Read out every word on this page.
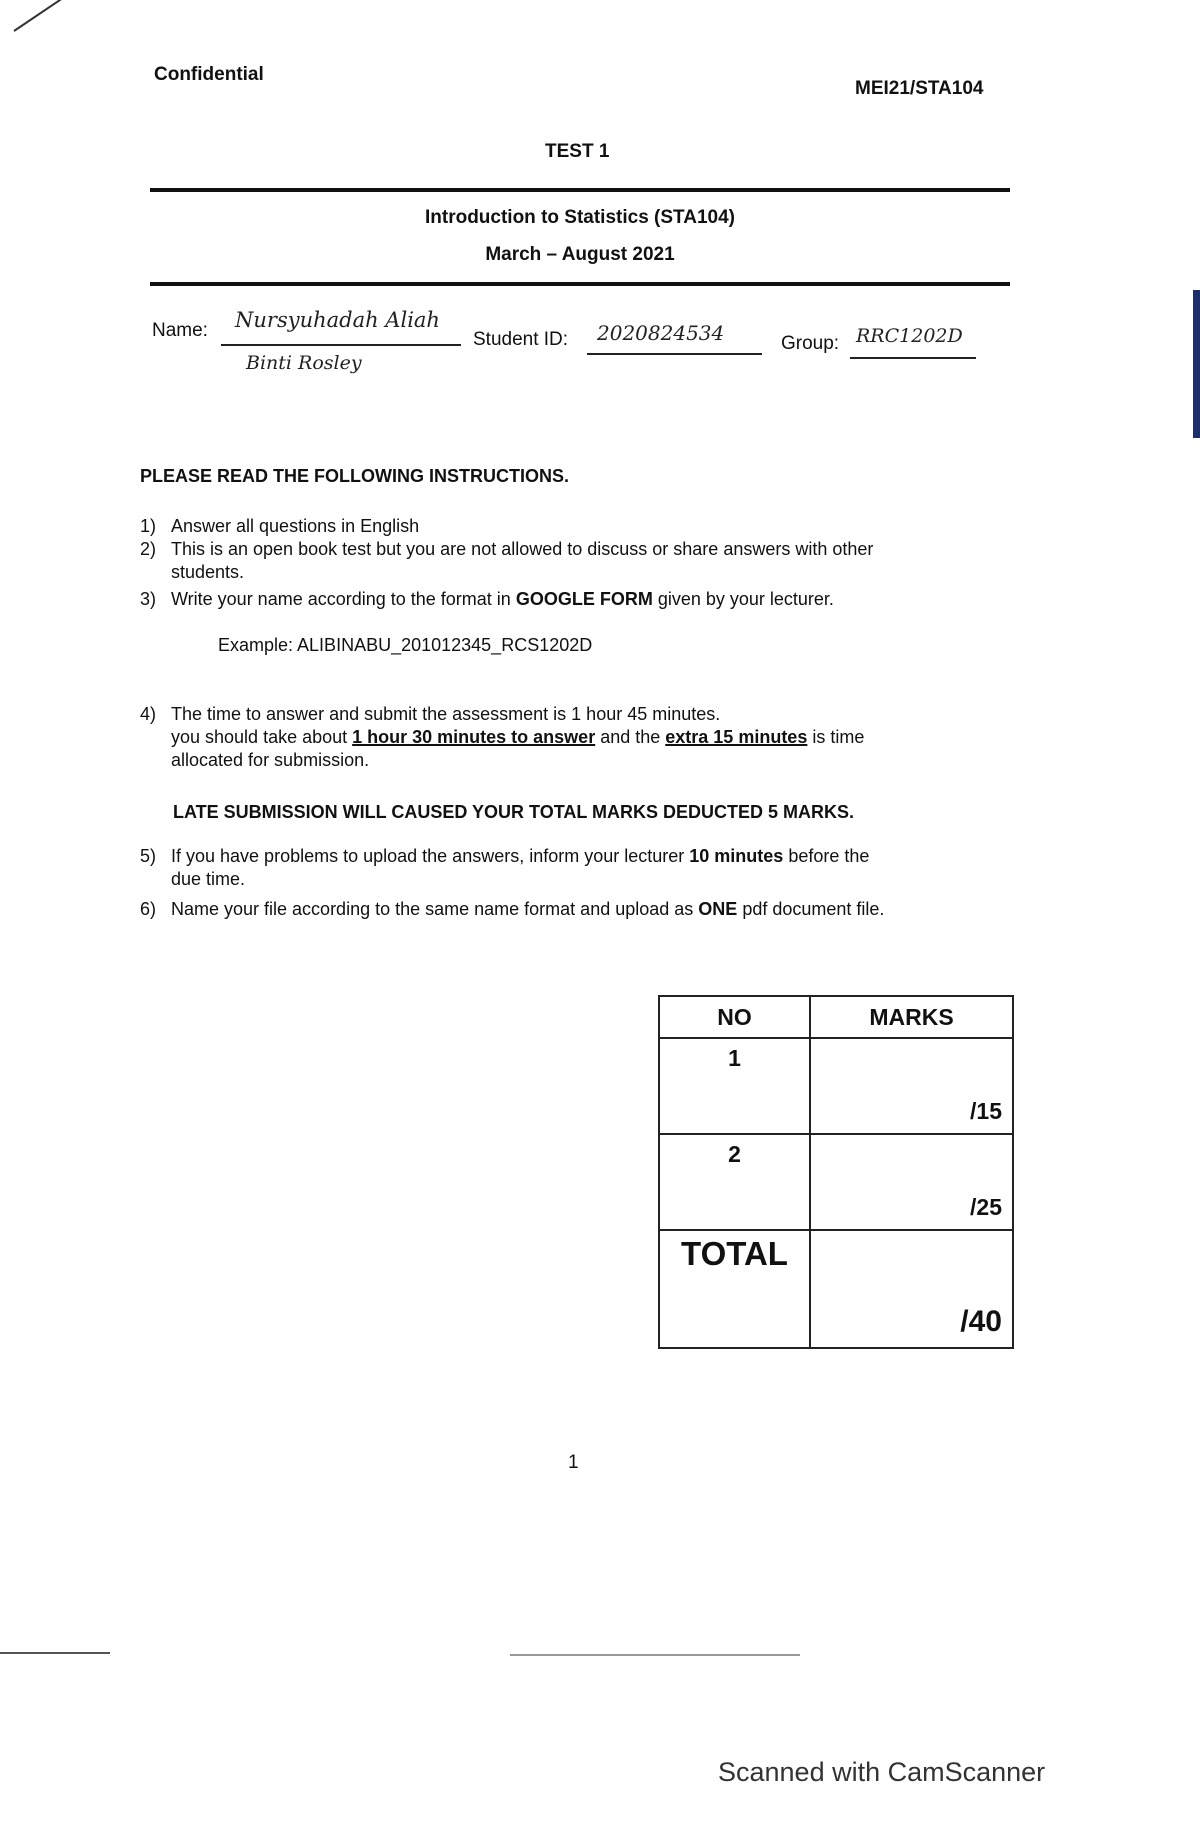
Confidential
MEI21/STA104
TEST 1
Introduction to Statistics (STA104)
March – August 2021
Name: Nursyuhadah Aliah
Binti Rosley
Student ID: 2020824534	Group: RRC1202D
PLEASE READ THE FOLLOWING INSTRUCTIONS.
1) Answer all questions in English
2) This is an open book test but you are not allowed to discuss or share answers with other
students.
3) Write your name according to the format in GOOGLE FORM given by your lecturer.
Example: ALIBINABU_201012345_RCS1202D
4) The time to answer and submit the assessment is 1 hour 45 minutes.
you should take about 1 hour 30 minutes to answer and the extra 15 minutes is time
allocated for submission.
LATE SUBMISSION WILL CAUSED YOUR TOTAL MARKS DEDUCTED 5 MARKS.
5) If you have problems to upload the answers, inform your lecturer 10 minutes before the
due time.
6) Name your file according to the same name format and upload as ONE pdf document file.
NO	MARKS
1	/15

2	/25

TOTAL	/40
1
Scanned with CamScanner
